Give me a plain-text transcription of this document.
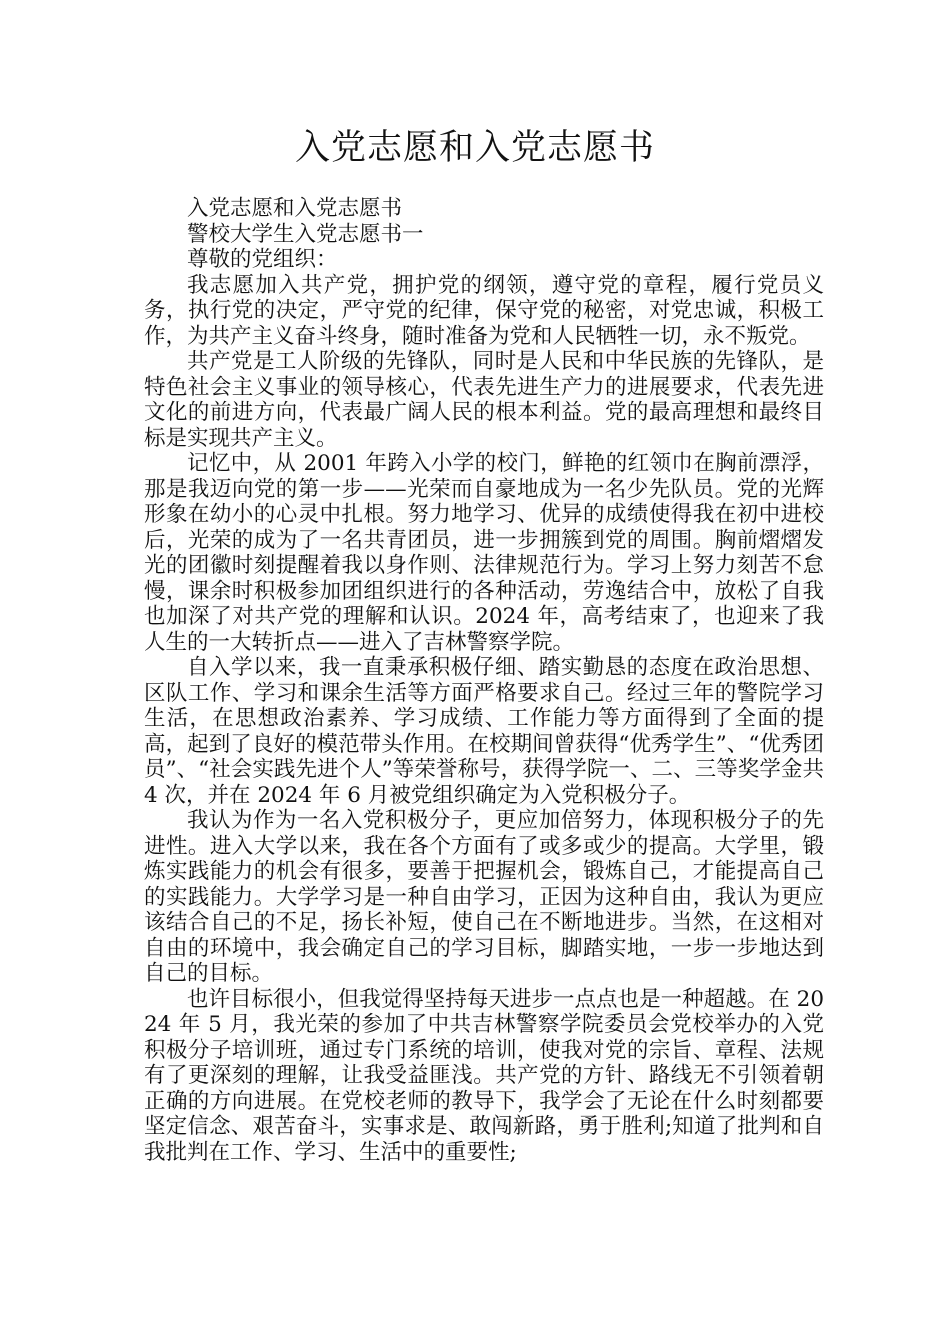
入党志愿和入党志愿书

入党志愿和入党志愿书

警校大学生入党志愿书一

尊敬的党组织：

我志愿加入共产党，拥护党的纲领，遵守党的章程，履行党员义务，执行党的决定，严守党的纪律，保守党的秘密，对党忠诚，积极工作，为共产主义奋斗终身，随时准备为党和人民牺牲一切，永不叛党。

共产党是工人阶级的先锋队，同时是人民和中华民族的先锋队，是特色社会主义事业的领导核心，代表先进生产力的进展要求，代表先进文化的前进方向，代表最广阔人民的根本利益。党的最高理想和最终目标是实现共产主义。

记忆中，从 2001 年跨入小学的校门，鲜艳的红领巾在胸前漂浮，那是我迈向党的第一步——光荣而自豪地成为一名少先队员。党的光辉形象在幼小的心灵中扎根。努力地学习、优异的成绩使得我在初中进校后，光荣的成为了一名共青团员，进一步拥簇到党的周围。胸前熠熠发光的团徽时刻提醒着我以身作则、法律规范行为。学习上努力刻苦不怠慢，课余时积极参加团组织进行的各种活动，劳逸结合中，放松了自我也加深了对共产党的理解和认识。2024 年，高考结束了，也迎来了我人生的一大转折点——进入了吉林警察学院。

自入学以来，我一直秉承积极仔细、踏实勤恳的态度在政治思想、区队工作、学习和课余生活等方面严格要求自己。经过三年的警院学习生活，在思想政治素养、学习成绩、工作能力等方面得到了全面的提高，起到了良好的模范带头作用。在校期间曾获得“优秀学生”、“优秀团员”、“社会实践先进个人”等荣誉称号，获得学院一、二、三等奖学金共 4 次，并在 2024 年 6 月被党组织确定为入党积极分子。

我认为作为一名入党积极分子，更应加倍努力，体现积极分子的先进性。进入大学以来，我在各个方面有了或多或少的提高。大学里，锻炼实践能力的机会有很多，要善于把握机会，锻炼自己，才能提高自己的实践能力。大学学习是一种自由学习，正因为这种自由，我认为更应该结合自己的不足，扬长补短，使自己在不断地进步。当然，在这相对自由的环境中，我会确定自己的学习目标，脚踏实地，一步一步地达到自己的目标。

也许目标很小，但我觉得坚持每天进步一点点也是一种超越。在 2024 年 5 月，我光荣的参加了中共吉林警察学院委员会党校举办的入党积极分子培训班，通过专门系统的培训，使我对党的宗旨、章程、法规有了更深刻的理解，让我受益匪浅。共产党的方针、路线无不引领着朝正确的方向进展。在党校老师的教导下，我学会了无论在什么时刻都要坚定信念、艰苦奋斗，实事求是、敢闯新路，勇于胜利;知道了批判和自我批判在工作、学习、生活中的重要性;
